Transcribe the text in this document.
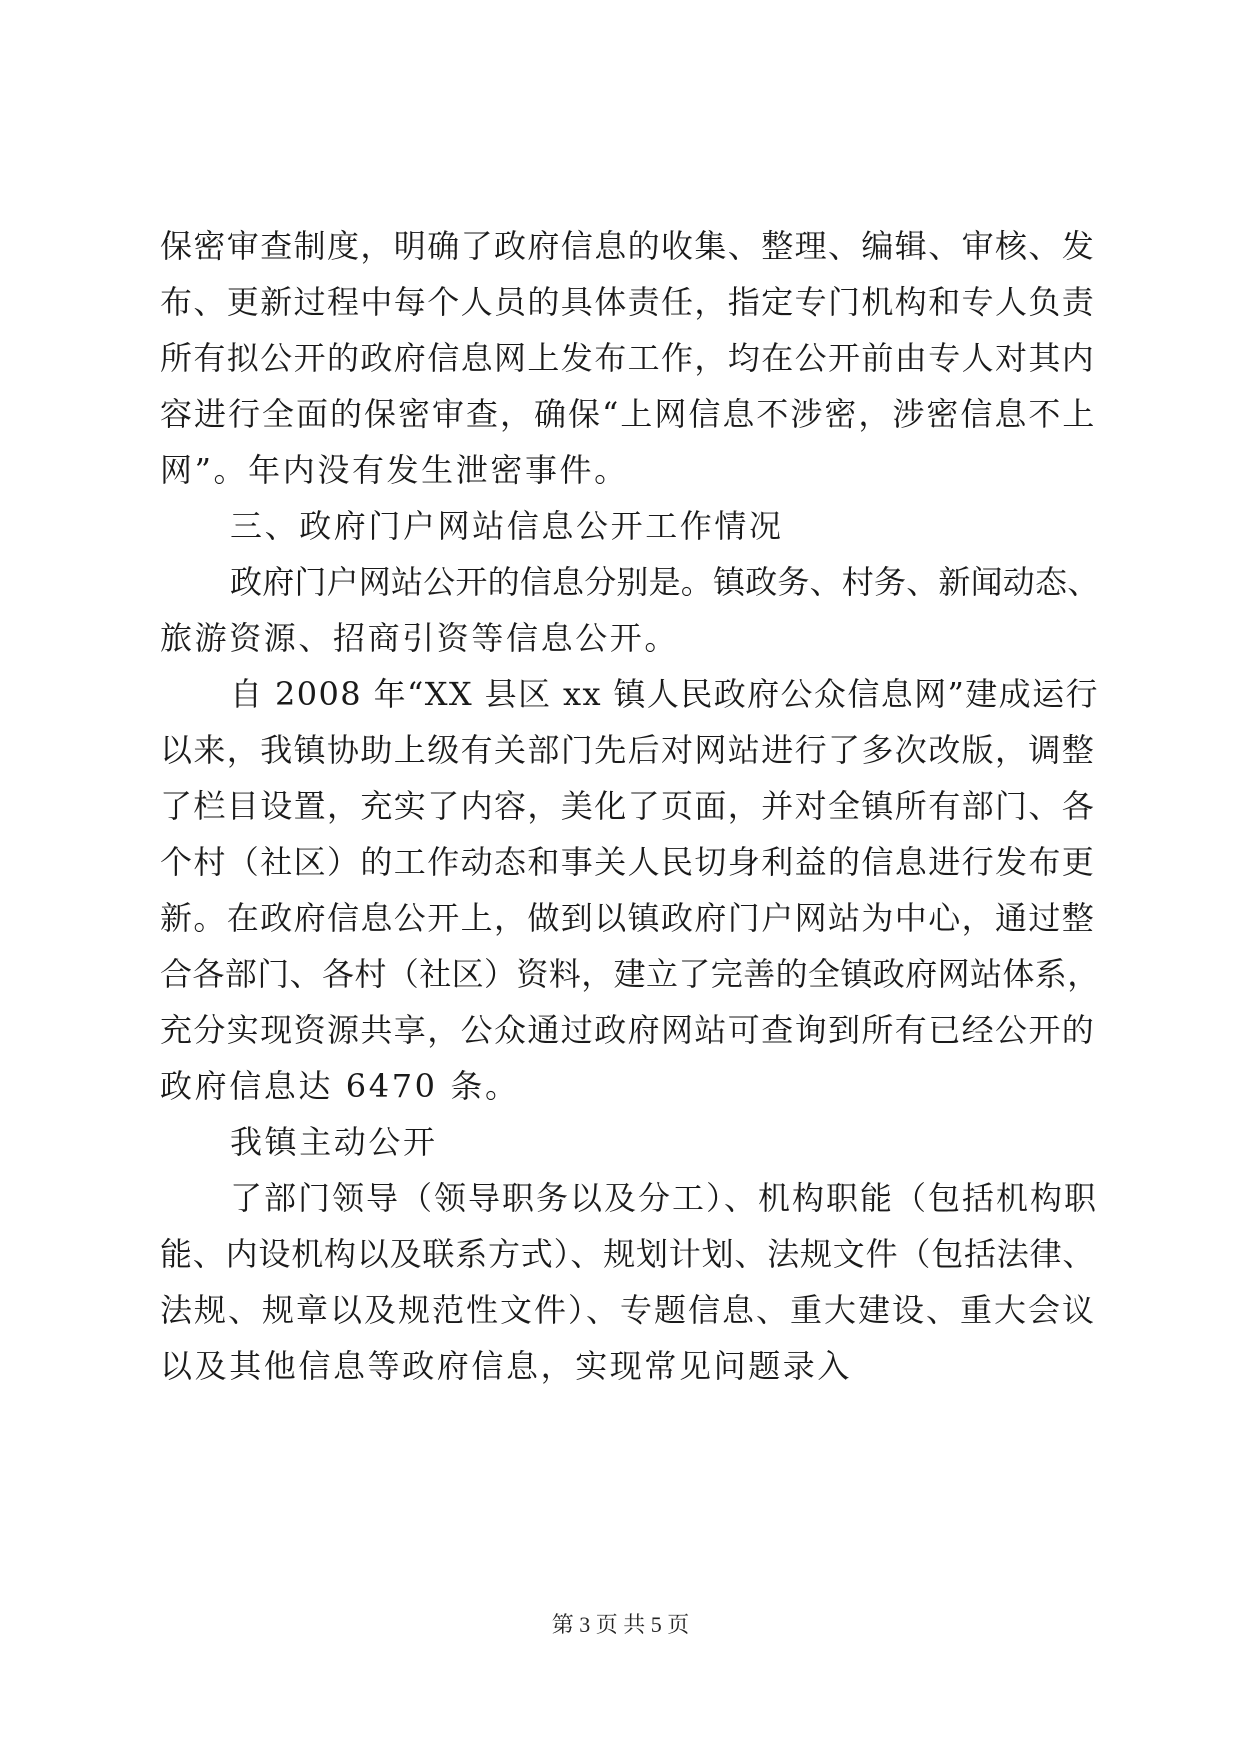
保密审查制度，明确了政府信息的收集、整理、编辑、审核、发
布、更新过程中每个人员的具体责任，指定专门机构和专人负责
所有拟公开的政府信息网上发布工作，均在公开前由专人对其内
容进行全面的保密审查，确保“上网信息不涉密，涉密信息不上
网”。年内没有发生泄密事件。
三、政府门户网站信息公开工作情况
政府门户网站公开的信息分别是。镇政务、村务、新闻动态、
旅游资源、招商引资等信息公开。
自 2008 年“XX 县区 xx 镇人民政府公众信息网”建成运行
以来，我镇协助上级有关部门先后对网站进行了多次改版，调整
了栏目设置，充实了内容，美化了页面，并对全镇所有部门、各
个村（社区）的工作动态和事关人民切身利益的信息进行发布更
新。在政府信息公开上，做到以镇政府门户网站为中心，通过整
合各部门、各村（社区）资料，建立了完善的全镇政府网站体系，
充分实现资源共享，公众通过政府网站可查询到所有已经公开的
政府信息达 6470 条。
我镇主动公开
了部门领导（领导职务以及分工）、机构职能（包括机构职
能、内设机构以及联系方式）、规划计划、法规文件（包括法律、
法规、规章以及规范性文件）、专题信息、重大建设、重大会议
以及其他信息等政府信息，实现常见问题录入
第 3 页 共 5 页
